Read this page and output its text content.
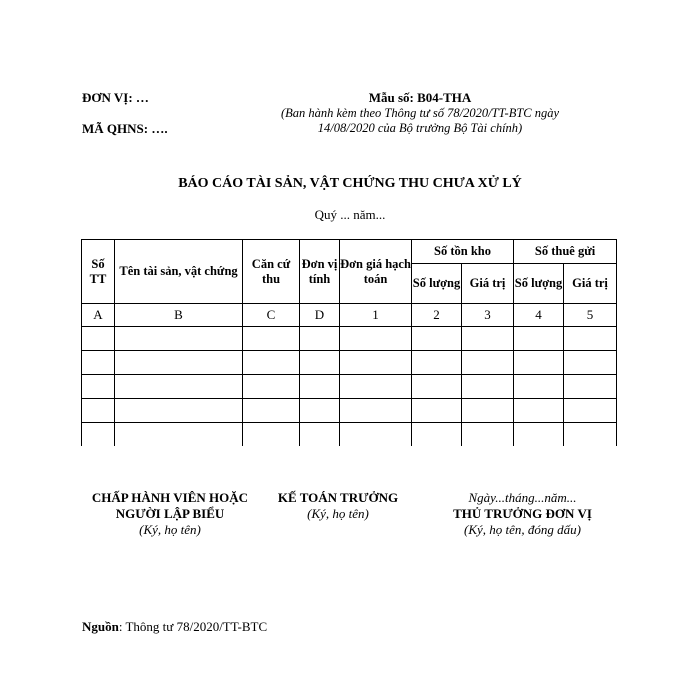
ĐƠN VỊ: …
MÃ QHNS: ….
Mẫu số: B04-THA
(Ban hành kèm theo Thông tư số 78/2020/TT-BTC ngày
14/08/2020 của Bộ trưởng Bộ Tài chính)
BÁO CÁO TÀI SẢN, VẬT CHỨNG THU CHƯA XỬ LÝ
Quý ... năm...
Số TT	Tên tài sản, vật chứng	Căn cứ thu	Đơn vị tính	Đơn giá hạch toán	Số tồn kho		Số thuê gửi	
					Số lượng	Giá trị	Số lượng	Giá trị
A	B	C	D	1	2	3	4	5

CHẤP HÀNH VIÊN HOẶC
NGƯỜI LẬP BIỂU
(Ký, họ tên)
KẾ TOÁN TRƯỞNG
(Ký, họ tên)
Ngày...tháng...năm...
THỦ TRƯỞNG ĐƠN VỊ
(Ký, họ tên, đóng dấu)
Nguồn: Thông tư 78/2020/TT-BTC
